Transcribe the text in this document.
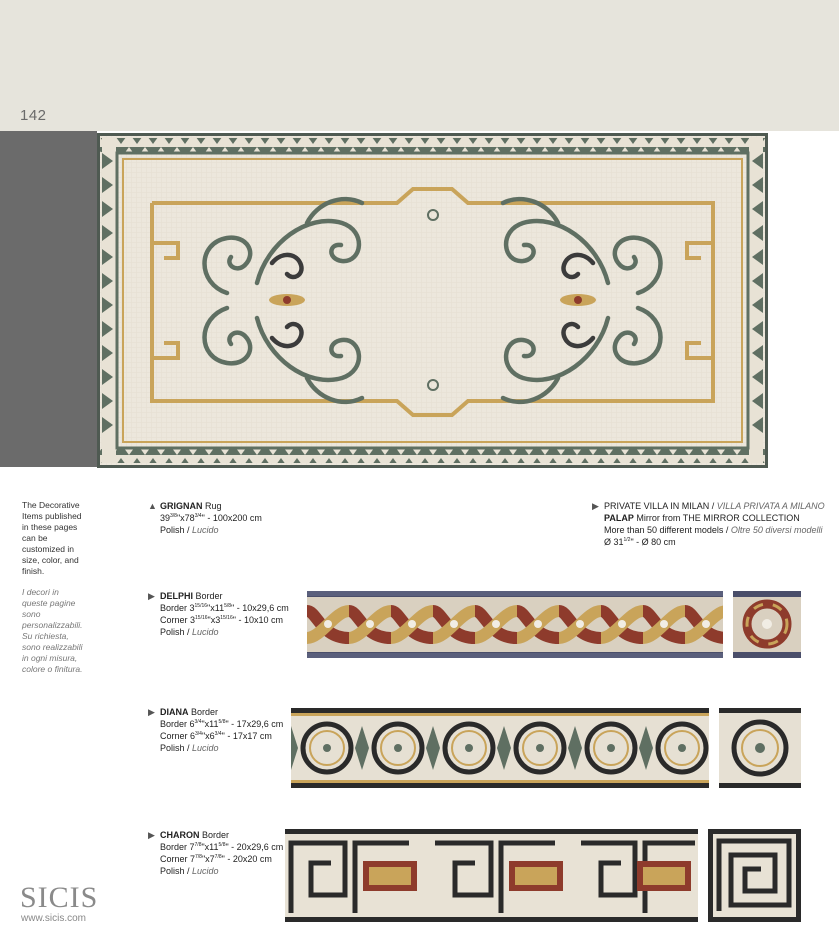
142

The Decorative Items published in these pages can be customized in size, color, and finish.

I decori in queste pagine sono personalizzabili. Su richiesta, sono realizzabili in ogni misura, colore o finitura.

▲ GRIGNAN Rug
$39^{3/8}"x78^{3/4}$" - 100x200 cm
Polish / Lucido
▶ PRIVATE VILLA IN MILAN / VILLA PRIVATA A MILANO
PALAP Mirror from THE MIRROR COLLECTION
More than 50 different models / Oltre 50 diversi modelli
Ø $31^{1/2}$" - Ø 80 cm
▶ DELPHI Border
Border $3^{15/16}"x11^{5/8}$" - 10x29,6 cm
Corner $3^{15/16}"x3^{15/16}$" - 10x10 cm
Polish / Lucido
▶ DIANA Border
Border $6^{3/4}"x11^{5/8}$" - 17x29,6 cm
Corner $6^{3/4}"x6^{3/4}$" - 17x17 cm
Polish / Lucido
▶ CHARON Border
Border $7^{7/8}"x11^{5/8}$" - 20x29,6 cm
Corner $7^{7/8}"x7^{7/8}$" - 20x20 cm
Polish / Lucido
SICIS
www.sicis.com
